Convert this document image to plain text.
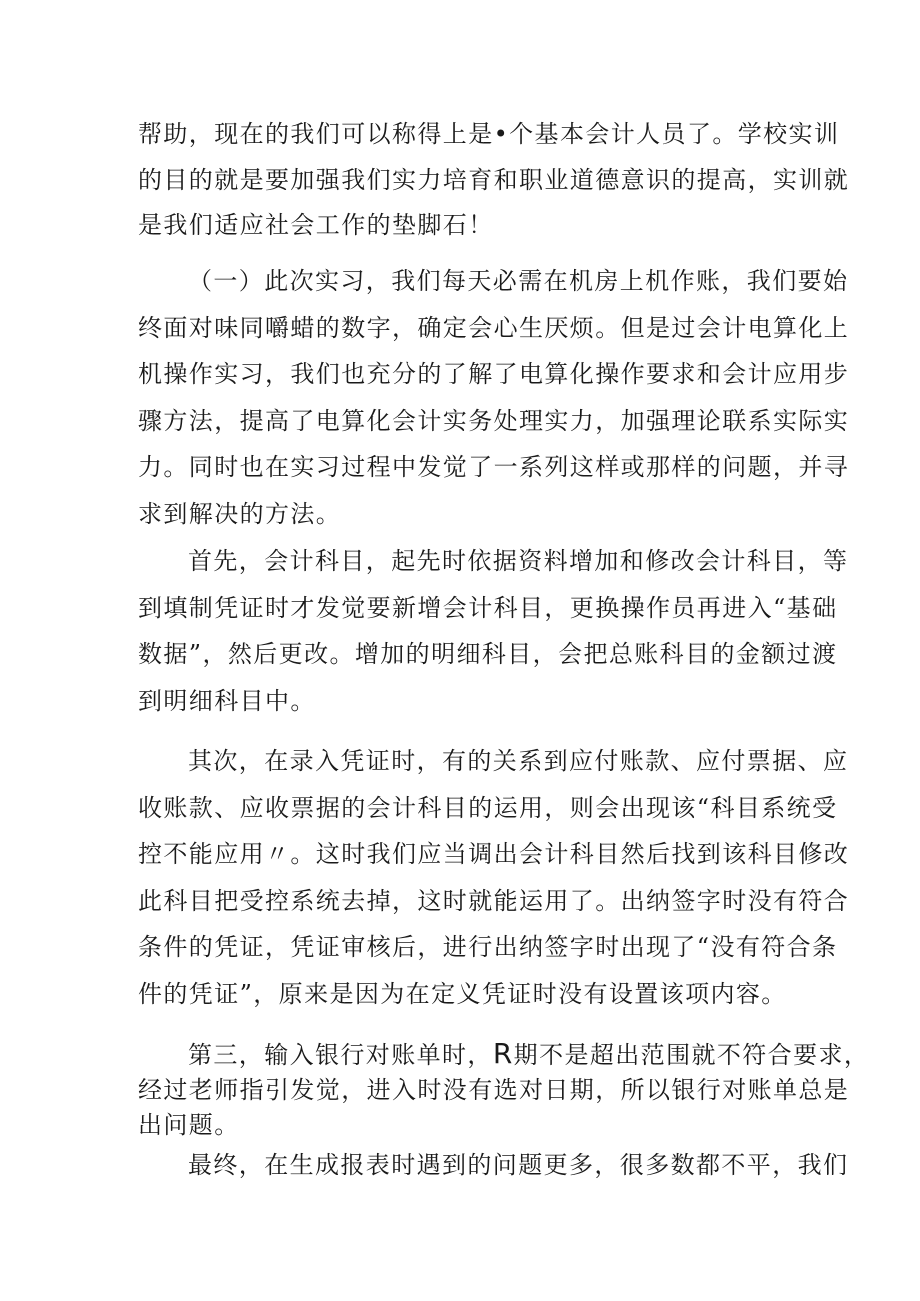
帮助，现在的我们可以称得上是•个基本会计人员了。学校实训
的目的就是要加强我们实力培育和职业道德意识的提高，实训就
是我们适应社会工作的垫脚石！

（一）此次实习，我们每天必需在机房上机作账，我们要始
终面对味同嚼蜡的数字，确定会心生厌烦。但是过会计电算化上
机操作实习，我们也充分的了解了电算化操作要求和会计应用步
骤方法，提高了电算化会计实务处理实力，加强理论联系实际实
力。同时也在实习过程中发觉了一系列这样或那样的问题，并寻
求到解决的方法。

首先，会计科目，起先时依据资料增加和修改会计科目，等
到填制凭证时才发觉要新增会计科目，更换操作员再进入“基础
数据”，然后更改。增加的明细科目，会把总账科目的金额过渡
到明细科目中。

其次，在录入凭证时，有的关系到应付账款、应付票据、应
收账款、应收票据的会计科目的运用，则会出现该“科目系统受
控不能应用〃。这时我们应当调出会计科目然后找到该科目修改
此科目把受控系统去掉，这时就能运用了。出纳签字时没有符合
条件的凭证，凭证审核后，进行出纳签字时出现了“没有符合条
件的凭证”，原来是因为在定义凭证时没有设置该项内容。

第三，输入银行对账单时，R期不是超出范围就不符合要求，
经过老师指引发觉，进入时没有选对日期，所以银行对账单总是
出问题。

最终，在生成报表时遇到的问题更多，很多数都不平，我们
